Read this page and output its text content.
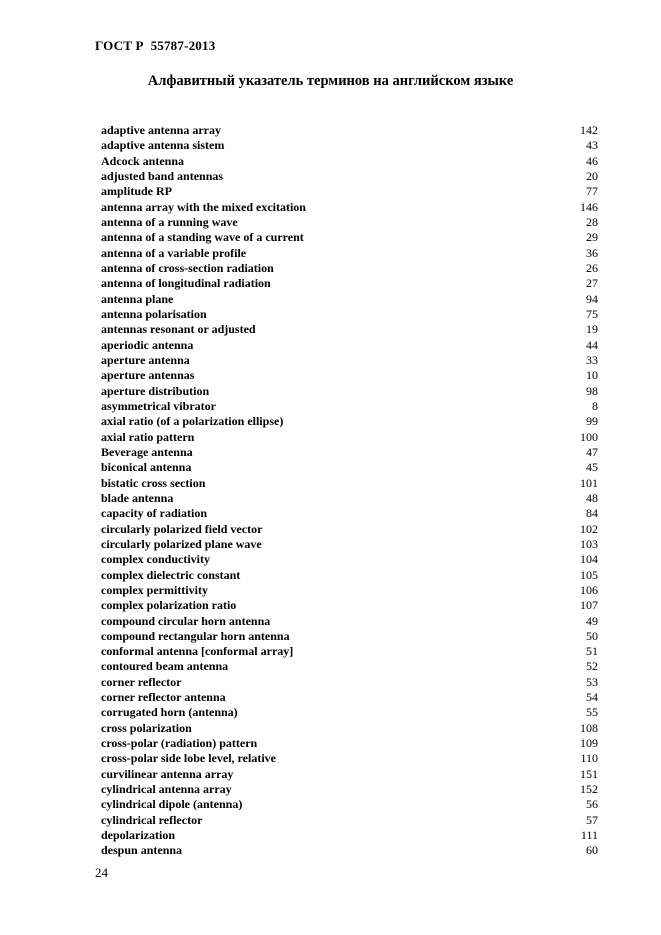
ГОСТ Р  55787-2013
Алфавитный указатель терминов на английском языке
adaptive antenna array	142
adaptive antenna sistem	43
Adcock antenna	46
adjusted band antennas	20
amplitude RP	77
antenna array with the mixed excitation	146
antenna of a running wave	28
antenna of a standing wave of a current	29
antenna of a variable profile	36
antenna of cross-section radiation	26
antenna of longitudinal radiation	27
antenna plane	94
antenna polarisation	75
antennas resonant or adjusted	19
aperiodic antenna	44
aperture antenna	33
aperture antennas	10
aperture distribution	98
asymmetrical vibrator	8
axial ratio (of a polarization ellipse)	99
axial ratio pattern	100
Beverage antenna	47
biconical antenna	45
bistatic cross section	101
blade antenna	48
capacity of radiation	84
circularly polarized field vector	102
circularly polarized plane wave	103
complex conductivity	104
complex dielectric constant	105
complex permittivity	106
complex polarization ratio	107
compound circular horn antenna	49
compound rectangular horn antenna	50
conformal antenna [conformal array]	51
contoured beam antenna	52
corner reflector	53
corner reflector antenna	54
corrugated horn (antenna)	55
cross polarization	108
cross-polar (radiation) pattern	109
cross-polar side lobe level, relative	110
curvilinear antenna array	151
cylindrical antenna array	152
cylindrical dipole (antenna)	56
cylindrical reflector	57
depolarization	111
despun antenna	60
24
